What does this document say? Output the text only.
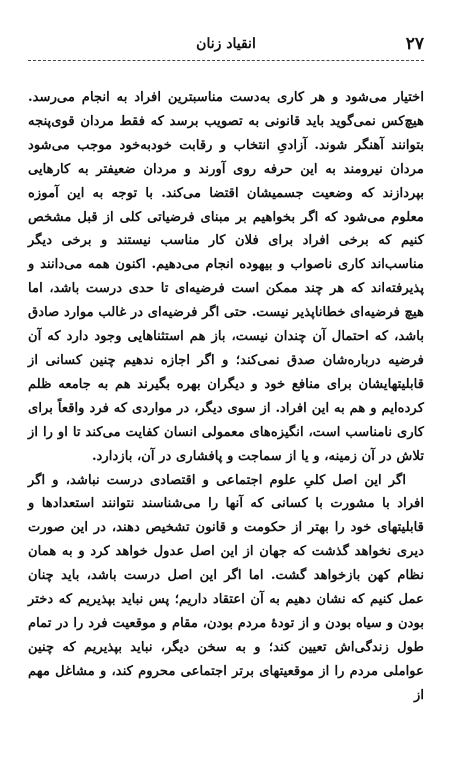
۲۷
انقیاد زنان

اختیار می‌شود و هر کاری به‌دست مناسبترین افراد به انجام می‌رسد. هیچ‌کس نمی‌گوید باید قانونی به تصویب برسد که فقط مردان قوی‌پنجه بتوانند آهنگر شوند. آزادیِ انتخاب و رقابت خودبه‌خود موجب می‌شود مردان نیرومند به این حرفه روی آورند و مردان ضعیفتر به کارهایی بپردازند که وضعیت جسمیشان اقتضا می‌کند. با توجه به این آموزه معلوم می‌شود که اگر بخواهیم بر مبنای فرضیاتی کلی از قبل مشخص کنیم که برخی افراد برای فلان کار مناسب نیستند و برخی دیگر مناسب‌اند کاری ناصواب و بیهوده انجام می‌دهیم. اکنون همه می‌دانند و پذیرفته‌اند که هر چند ممکن است فرضیه‌ای تا حدی درست باشد، اما هیچ فرضیه‌ای خطاناپذیر نیست. حتی اگر فرضیه‌ای در غالب موارد صادق باشد، که احتمال آن چندان نیست، باز هم استثناهایی وجود دارد که آن فرضیه درباره‌شان صدق نمی‌کند؛ و اگر اجازه ندهیم چنین کسانی از قابلیتهایشان برای منافع خود و دیگران بهره بگیرند هم به جامعه ظلم کرده‌ایم و هم به این افراد. از سوی دیگر، در مواردی که فرد واقعاً برای کاری نامناسب است، انگیزه‌های معمولی انسان کفایت می‌کند تا او را از تلاش در آن زمینه، و یا از سماجت و پافشاری در آن، بازدارد.

اگر این اصل کلیِ علوم اجتماعی و اقتصادی درست نباشد، و اگر افراد با مشورت با کسانی که آنها را می‌شناسند نتوانند استعدادها و قابلیتهای خود را بهتر از حکومت و قانون تشخیص دهند، در این صورت دیری نخواهد گذشت که جهان از این اصل عدول خواهد کرد و به همان نظام کهن بازخواهد گشت. اما اگر این اصل درست باشد، باید چنان عمل کنیم که نشان دهیم به آن اعتقاد داریم؛ پس نباید بپذیریم که دختر بودن و سیاه بودن و از تودهٔ مردم بودن، مقام و موقعیت فرد را در تمام طول زندگی‌اش تعیین کند؛ و به سخن دیگر، نباید بپذیریم که چنین عواملی مردم را از موقعیتهای برتر اجتماعی محروم کند، و مشاغل مهم از
